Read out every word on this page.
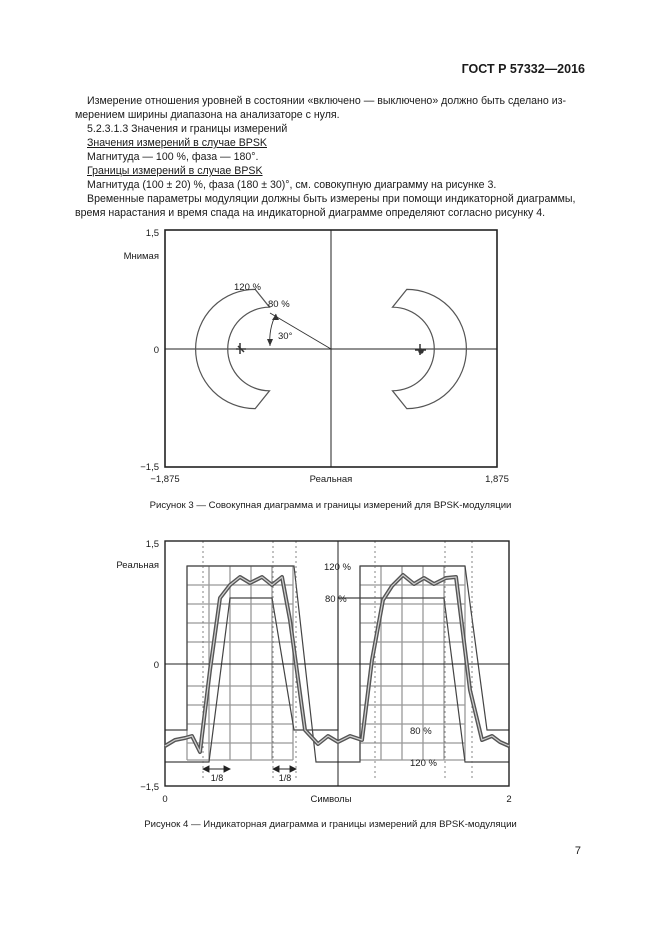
ГОСТ Р 57332—2016
Измерение отношения уровней в состоянии «включено — выключено» должно быть сделано из-
мерением ширины диапазона на анализаторе с нуля.
5.2.3.1.3 Значения и границы измерений
Значения измерений в случае BPSK
Магнитуда — 100 %, фаза — 180°.
Границы измерений в случае BPSK
Магнитуда (100 ± 20) %, фаза (180 ± 30)°, см. совокупную диаграмму на рисунке 3.
Временные параметры модуляции должны быть измерены при помощи индикаторной диаграммы,
время нарастания и время спада на индикаторной диаграмме определяют согласно рисунку 4.
1,5
Мнимая
0
−1,5
−1,875	Реальная	1,875
120 %
80 %
30°
Рисунок 3 — Совокупная диаграмма и границы измерений для BPSK-модуляции
1,5
Реальная
0
−1,5
0	Символы	2
120 %
80 %
80 %
120 %
1/8	1/8
Рисунок 4 — Индикаторная диаграмма и границы измерений для BPSK-модуляции
7
